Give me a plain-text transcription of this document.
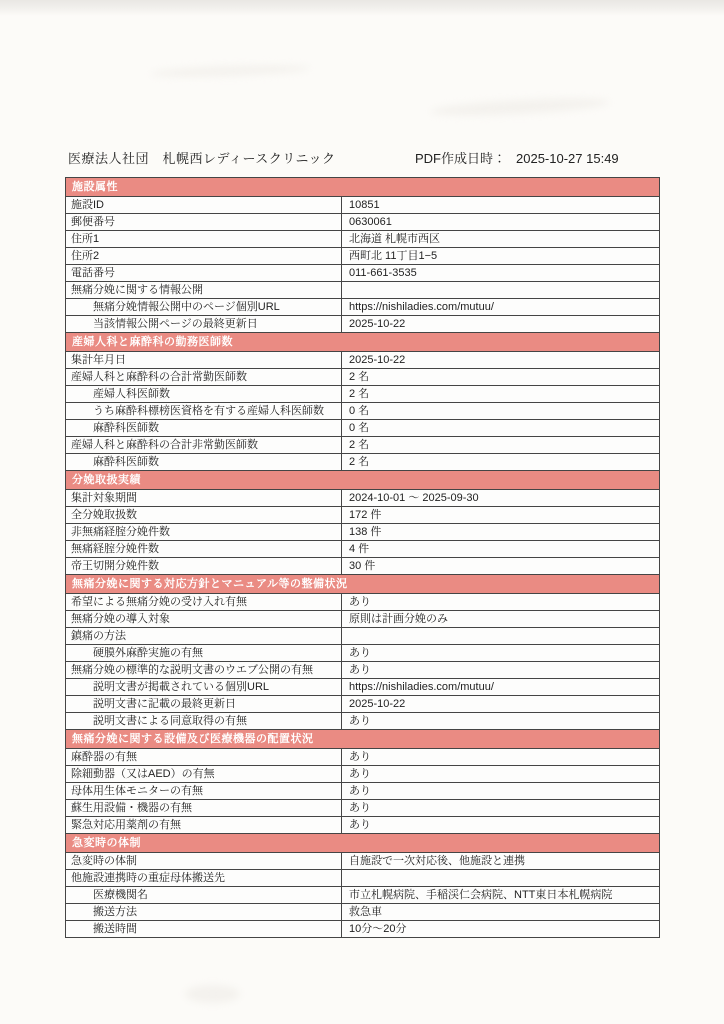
医療法人社団　札幌西レディースクリニック	PDF作成日時： 2025-10-27 15:49
施設属性
施設ID	10851
郵便番号	0630061
住所1	北海道 札幌市西区
住所2	西町北 11丁目1−5
電話番号	011-661-3535
無痛分娩に関する情報公開
無痛分娩情報公開中のページ個別URL	https://nishiladies.com/mutuu/
当該情報公開ページの最終更新日	2025-10-22
産婦人科と麻酔科の勤務医師数
集計年月日	2025-10-22
産婦人科と麻酔科の合計常勤医師数	2 名
産婦人科医師数	2 名
うち麻酔科標榜医資格を有する産婦人科医師数	0 名
麻酔科医師数	0 名
産婦人科と麻酔科の合計非常勤医師数	2 名
麻酔科医師数	2 名
分娩取扱実績
集計対象期間	2024-10-01 ～ 2025-09-30
全分娩取扱数	172 件
非無痛経腟分娩件数	138 件
無痛経腟分娩件数	4 件
帝王切開分娩件数	30 件
無痛分娩に関する対応方針とマニュアル等の整備状況
希望による無痛分娩の受け入れ有無	あり
無痛分娩の導入対象	原則は計画分娩のみ
鎮痛の方法
硬膜外麻酔実施の有無	あり
無痛分娩の標準的な説明文書のウエブ公開の有無	あり
説明文書が掲載されている個別URL	https://nishiladies.com/mutuu/
説明文書に記載の最終更新日	2025-10-22
説明文書による同意取得の有無	あり
無痛分娩に関する設備及び医療機器の配置状況
麻酔器の有無	あり
除細動器（又はAED）の有無	あり
母体用生体モニターの有無	あり
蘇生用設備・機器の有無	あり
緊急対応用薬剤の有無	あり
急変時の体制
急変時の体制	自施設で一次対応後、他施設と連携
他施設連携時の重症母体搬送先
医療機関名	市立札幌病院、手稲渓仁会病院、NTT東日本札幌病院
搬送方法	救急車
搬送時間	10分～20分
